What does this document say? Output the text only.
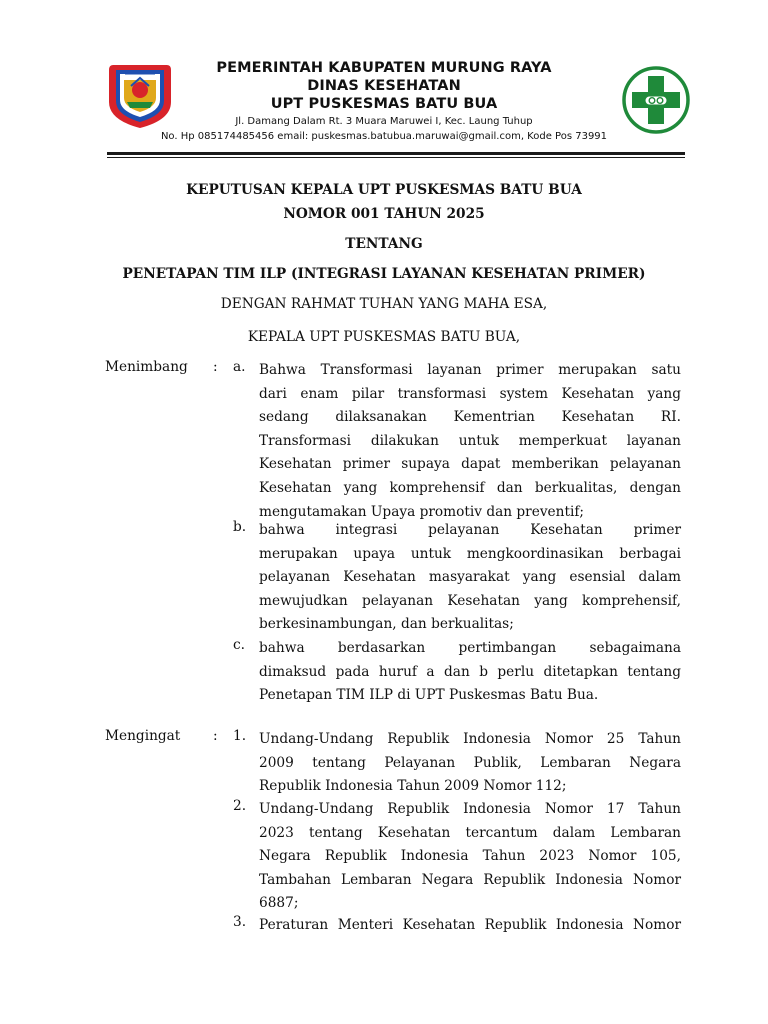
PEMERINTAH KABUPATEN MURUNG RAYA
DINAS KESEHATAN
UPT PUSKESMAS BATU BUA
Jl. Damang Dalam Rt. 3 Muara Maruwei I, Kec. Laung Tuhup
No. Hp 085174485456 email: puskesmas.batubua.maruwai@gmail.com, Kode Pos 73991
KEPUTUSAN KEPALA UPT PUSKESMAS BATU BUA
NOMOR 001 TAHUN 2025
TENTANG
PENETAPAN TIM ILP (INTEGRASI LAYANAN KESEHATAN PRIMER)
DENGAN RAHMAT TUHAN YANG MAHA ESA,
KEPALA UPT PUSKESMAS BATU BUA,
Menimbang : a. Bahwa Transformasi layanan primer merupakan satu
dari enam pilar transformasi system Kesehatan yang
sedang dilaksanakan Kementrian Kesehatan RI.
Transformasi dilakukan untuk memperkuat layanan
Kesehatan primer supaya dapat memberikan pelayanan
Kesehatan yang komprehensif dan berkualitas, dengan
mengutamakan Upaya promotiv dan preventif;
b. bahwa integrasi pelayanan Kesehatan primer
merupakan upaya untuk mengkoordinasikan berbagai
pelayanan Kesehatan masyarakat yang esensial dalam
mewujudkan pelayanan Kesehatan yang komprehensif,
berkesinambungan, dan berkualitas;
c. bahwa berdasarkan pertimbangan sebagaimana
dimaksud pada huruf a dan b perlu ditetapkan tentang
Penetapan TIM ILP di UPT Puskesmas Batu Bua.
Mengingat : 1. Undang-Undang Republik Indonesia Nomor 25 Tahun
2009 tentang Pelayanan Publik, Lembaran Negara
Republik Indonesia Tahun 2009 Nomor 112;
2. Undang-Undang Republik Indonesia Nomor 17 Tahun
2023 tentang Kesehatan tercantum dalam Lembaran
Negara Republik Indonesia Tahun 2023 Nomor 105,
Tambahan Lembaran Negara Republik Indonesia Nomor
6887;
3. Peraturan Menteri Kesehatan Republik Indonesia Nomor
